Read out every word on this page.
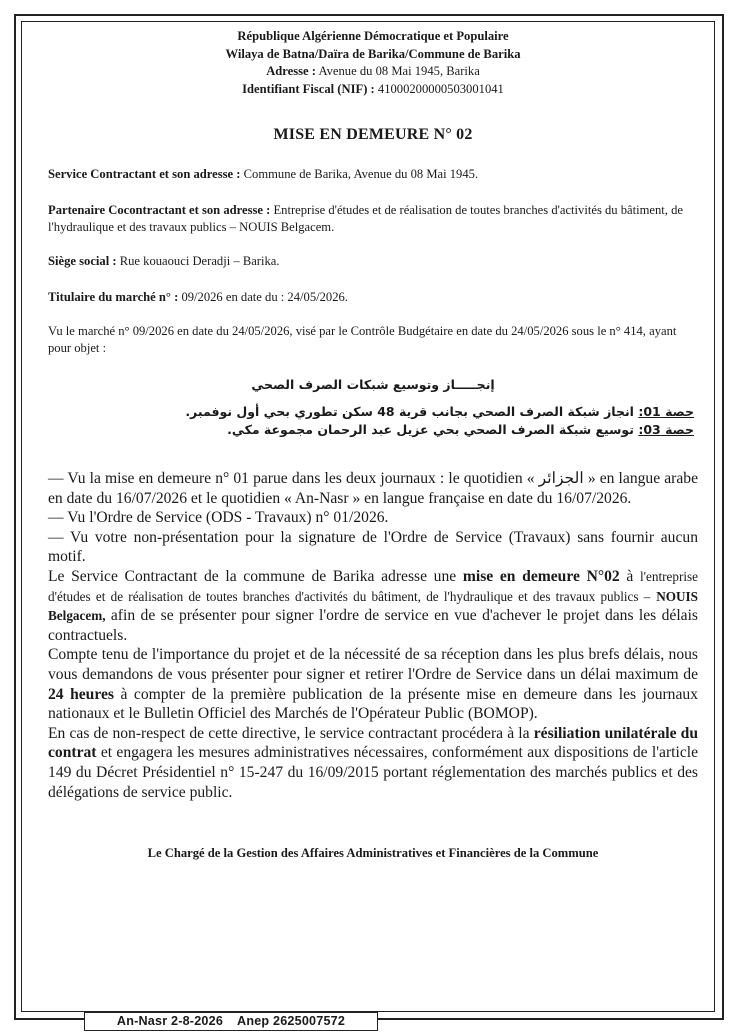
République Algérienne Démocratique et Populaire
Wilaya de Batna/Daïra de Barika/Commune de Barika
Adresse : Avenue du 08 Mai 1945, Barika
Identifiant Fiscal (NIF) : 41000200000503001041
MISE EN DEMEURE N° 02

Service Contractant et son adresse : Commune de Barika, Avenue du 08 Mai 1945.

Partenaire Cocontractant et son adresse : Entreprise d'études et de réalisation de toutes branches d'activités du bâtiment, de l'hydraulique et des travaux publics – NOUIS Belgacem.

Siège social : Rue kouaouci Deradji – Barika.

Titulaire du marché n° : 09/2026 en date du : 24/05/2026.

Vu le marché n° 09/2026 en date du 24/05/2026, visé par le Contrôle Budgétaire en date du 24/05/2026 sous le n° 414, ayant pour objet :

إنجـــــاز وتوسيع شبكات الصرف الصحي
حصة 01: انجاز شبكة الصرف الصحي بجانب قرية 48 سكن تطوري بحي أول نوفمبر.
حصة 03: توسيع شبكة الصرف الصحي بحي عزيل عبد الرحمان مجموعة مكي.
— Vu la mise en demeure n° 01 parue dans les deux journaux : le quotidien « الجزائر » en langue arabe en date du 16/07/2026 et le quotidien « An-Nasr » en langue française en date du 16/07/2026.
— Vu l'Ordre de Service (ODS - Travaux) n° 01/2026.
— Vu votre non-présentation pour la signature de l'Ordre de Service (Travaux) sans fournir aucun motif.
Le Service Contractant de la commune de Barika adresse une mise en demeure N°02 à l'entreprise d'études et de réalisation de toutes branches d'activités du bâtiment, de l'hydraulique et des travaux publics – NOUIS Belgacem, afin de se présenter pour signer l'ordre de service en vue d'achever le projet dans les délais contractuels.
Compte tenu de l'importance du projet et de la nécessité de sa réception dans les plus brefs délais, nous vous demandons de vous présenter pour signer et retirer l'Ordre de Service dans un délai maximum de 24 heures à compter de la première publication de la présente mise en demeure dans les journaux nationaux et le Bulletin Officiel des Marchés de l'Opérateur Public (BOMOP).
En cas de non-respect de cette directive, le service contractant procédera à la résiliation unilatérale du contrat et engagera les mesures administratives nécessaires, conformément aux dispositions de l'article 149 du Décret Présidentiel n° 15-247 du 16/09/2015 portant réglementation des marchés publics et des délégations de service public.
Le Chargé de la Gestion des Affaires Administratives et Financières de la Commune
An-Nasr 2-8-2026 Anep 2625007572
